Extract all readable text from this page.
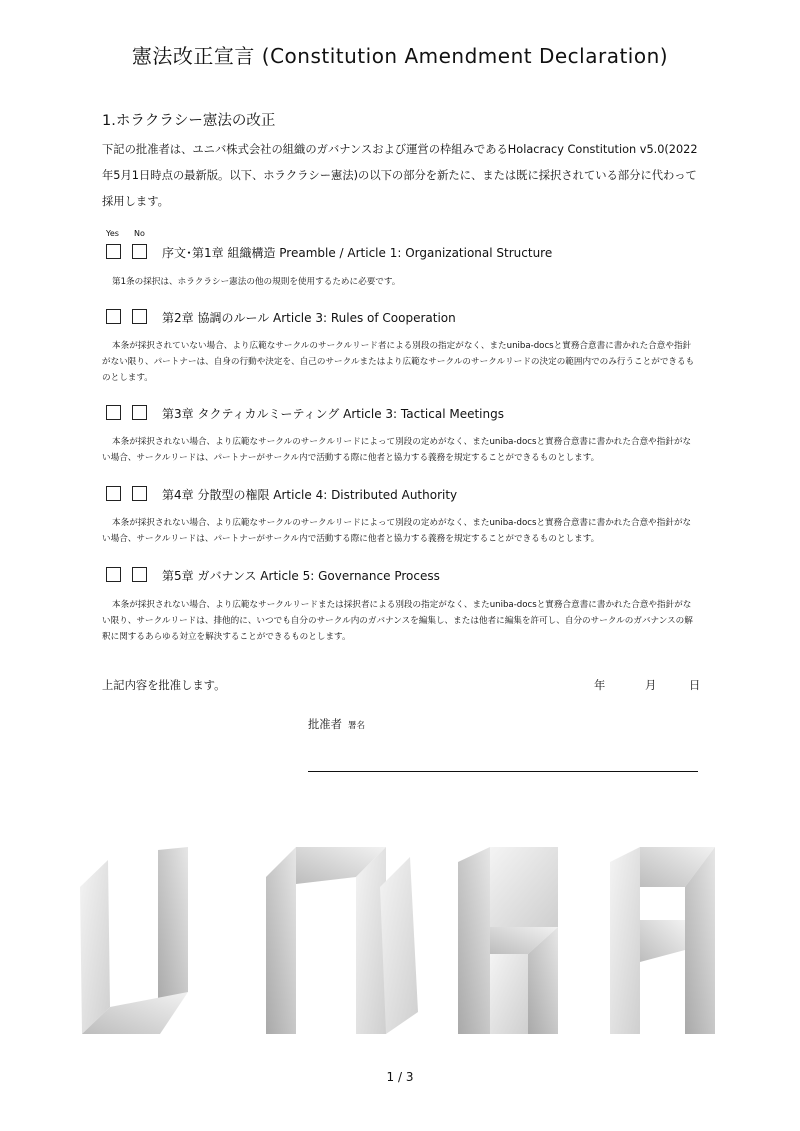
憲法改正宣言 (Constitution Amendment Declaration)
1.ホラクラシー憲法の改正
下記の批准者は、ユニバ株式会社の組織のガバナンスおよび運営の枠組みであるHolacracy Constitution v5.0(2022年5月1日時点の最新版。以下、ホラクラシー憲法)の以下の部分を新たに、または既に採択されている部分に代わって採用します。
Yes No
序文･第1章 組織構造 Preamble / Article 1: Organizational Structure
第1条の採択は、ホラクラシー憲法の他の規則を使用するために必要です。
第2章 協調のルール Article 3: Rules of Cooperation
本条が採択されていない場合、より広範なサークルのサークルリード者による別段の指定がなく、またuniba-docsと實務合意書に書かれた合意や指針がない限り、パートナーは、自身の行動や決定を、自己のサークルまたはより広範なサークルのサークルリードの決定の範囲内でのみ行うことができるものとします。
第3章 タクティカルミーティング Article 3: Tactical Meetings
本条が採択されない場合、より広範なサークルのサークルリードによって別段の定めがなく、またuniba-docsと實務合意書に書かれた合意や指針がない場合、サークルリードは、パートナーがサークル内で活動する際に他者と協力する義務を規定することができるものとします。
第4章 分散型の権限 Article 4: Distributed Authority
本条が採択されない場合、より広範なサークルのサークルリードによって別段の定めがなく、またuniba-docsと實務合意書に書かれた合意や指針がない場合、サークルリードは、パートナーがサークル内で活動する際に他者と協力する義務を規定することができるものとします。
第5章 ガバナンス Article 5: Governance Process
本条が採択されない場合、より広範なサークルリードまたは採択者による別段の指定がなく、またuniba-docsと實務合意書に書かれた合意や指針がない限り、サークルリードは、排他的に、いつでも自分のサークル内のガバナンスを編集し、または他者に編集を許可し、自分のサークルのガバナンスの解釈に関するあらゆる対立を解決することができるものとします。
上記内容を批准します。	年	月	日
批准者 署名
1 / 3
